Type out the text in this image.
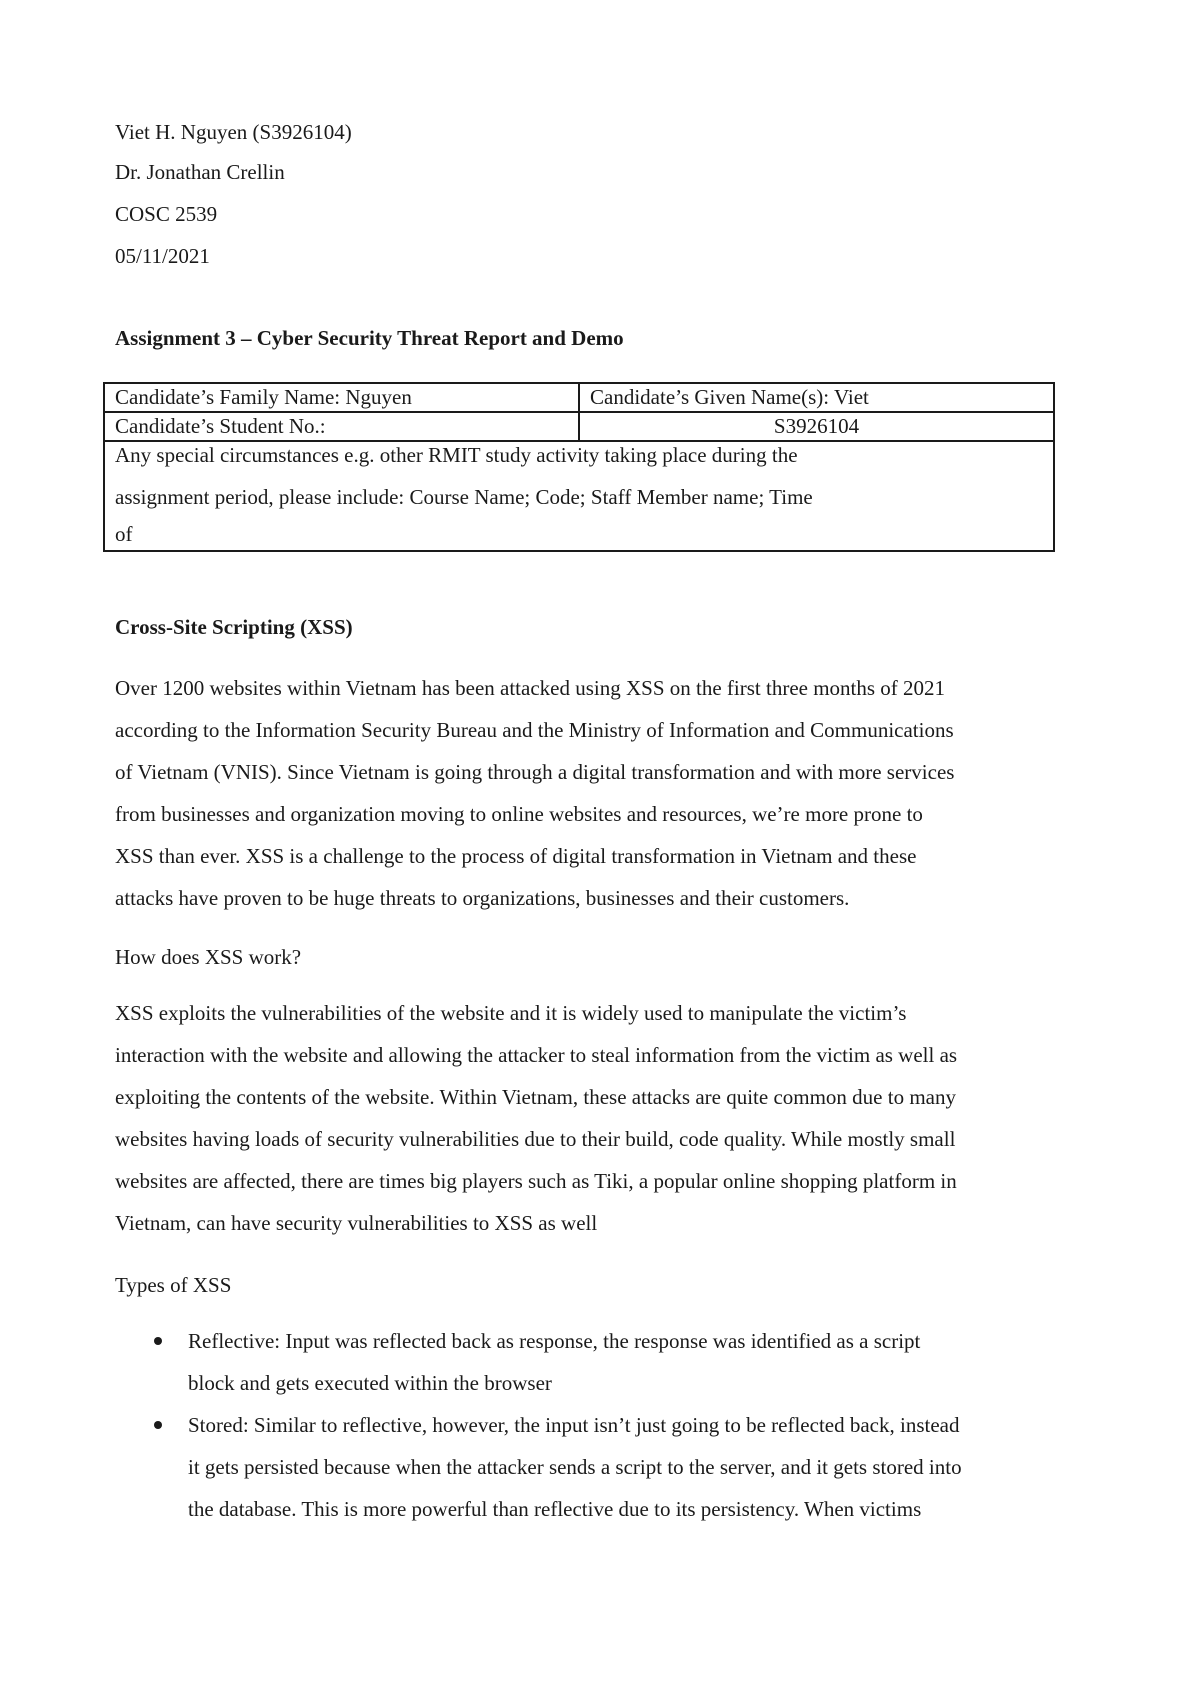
Viet H. Nguyen (S3926104)
Dr. Jonathan Crellin
COSC 2539
05/11/2021
Assignment 3 – Cyber Security Threat Report and Demo
Candidate’s Family Name: Nguyen	Candidate’s Given Name(s): Viet
Candidate’s Student No.:	S3926104

Any special circumstances e.g. other RMIT study activity taking place during the
assignment period, please include: Course Name; Code; Staff Member name; Time
of	
Cross-Site Scripting (XSS)

Over 1200 websites within Vietnam has been attacked using XSS on the first three months of 2021
according to the Information Security Bureau and the Ministry of Information and Communications
of Vietnam (VNIS). Since Vietnam is going through a digital transformation and with more services
from businesses and organization moving to online websites and resources, we’re more prone to
XSS than ever. XSS is a challenge to the process of digital transformation in Vietnam and these
attacks have proven to be huge threats to organizations, businesses and their customers.

How does XSS work?

XSS exploits the vulnerabilities of the website and it is widely used to manipulate the victim’s
interaction with the website and allowing the attacker to steal information from the victim as well as
exploiting the contents of the website. Within Vietnam, these attacks are quite common due to many
websites having loads of security vulnerabilities due to their build, code quality. While mostly small
websites are affected, there are times big players such as Tiki, a popular online shopping platform in
Vietnam, can have security vulnerabilities to XSS as well

Types of XSS
Reflective: Input was reflected back as response, the response was identified as a script
block and gets executed within the browser
Stored: Similar to reflective, however, the input isn’t just going to be reflected back, instead
it gets persisted because when the attacker sends a script to the server, and it gets stored into
the database. This is more powerful than reflective due to its persistency. When victims
